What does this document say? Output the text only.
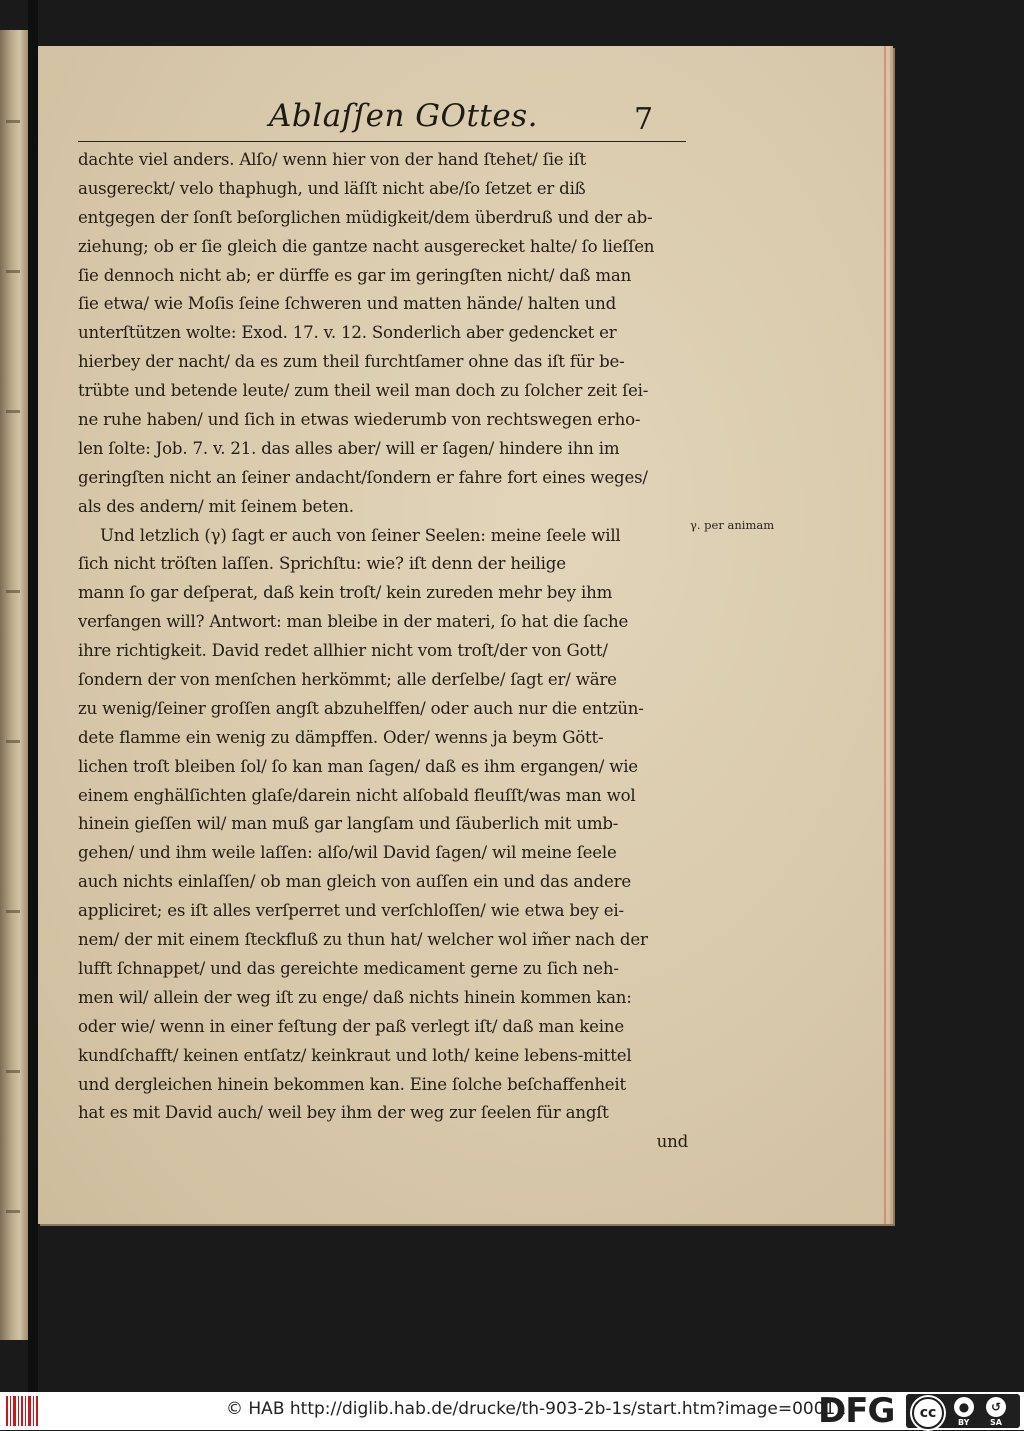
Ablaſſen GOttes.	7
dachte viel anders. Alſo/ wenn hier von der hand ſtehet/ ſie iſt
ausgereckt/ velo thaphugh, und läſſt nicht abe/ſo ſetzet er diß
entgegen der ſonſt beſorglichen müdigkeit/dem überdruß und der ab-
ziehung; ob er ſie gleich die gantze nacht ausgerecket halte/ ſo lieſſen
ſie dennoch nicht ab; er dürffe es gar im geringſten nicht/ daß man
ſie etwa/ wie Moſis ſeine ſchweren und matten hände/ halten und
unterſtützen wolte: Exod. 17. v. 12. Sonderlich aber gedencket er
hierbey der nacht/ da es zum theil furchtſamer ohne das iſt für be-
trübte und betende leute/ zum theil weil man doch zu ſolcher zeit ſei-
ne ruhe haben/ und ſich in etwas wiederumb von rechtswegen erho-
len ſolte: Job. 7. v. 21. das alles aber/ will er ſagen/ hindere ihn im
geringſten nicht an ſeiner andacht/ſondern er fahre fort eines weges/
als des andern/ mit ſeinem beten.
Und letzlich (γ) ſagt er auch von ſeiner Seelen: meine ſeele will
ſich nicht tröſten laſſen. Sprichſtu: wie? iſt denn der heilige
mann ſo gar deſperat, daß kein troſt/ kein zureden mehr bey ihm
verfangen will? Antwort: man bleibe in der materi, ſo hat die ſache
ihre richtigkeit. David redet allhier nicht vom troſt/der von Gott/
ſondern der von menſchen herkömmt; alle derſelbe/ ſagt er/ wäre
zu wenig/ſeiner groſſen angſt abzuhelffen/ oder auch nur die entzün-
dete flamme ein wenig zu dämpffen. Oder/ wenns ja beym Gött-
lichen troſt bleiben ſol/ ſo kan man ſagen/ daß es ihm ergangen/ wie
einem enghälſichten glaſe/darein nicht alſobald fleuſſt/was man wol
hinein gieſſen wil/ man muß gar langſam und ſäuberlich mit umb-
gehen/ und ihm weile laſſen: alſo/wil David ſagen/ wil meine ſeele
auch nichts einlaſſen/ ob man gleich von auſſen ein und das andere
appliciret; es iſt alles verſperret und verſchloſſen/ wie etwa bey ei-
nem/ der mit einem ſteckfluß zu thun hat/ welcher wol im̃er nach der
lufft ſchnappet/ und das gereichte medicament gerne zu ſich neh-
men wil/ allein der weg iſt zu enge/ daß nichts hinein kommen kan:
oder wie/ wenn in einer feſtung der paß verlegt iſt/ daß man keine
kundſchafft/ keinen entſatz/ keinkraut und loth/ keine lebens-mittel
und dergleichen hinein bekommen kan. Eine ſolche beſchaffenheit
hat es mit David auch/ weil bey ihm der weg zur ſeelen für angſt
und
γ. per animam
© HAB http://diglib.hab.de/drucke/th-903-2b-1s/start.htm?image=00011
DFG	cc	●	↺
BY	SA
